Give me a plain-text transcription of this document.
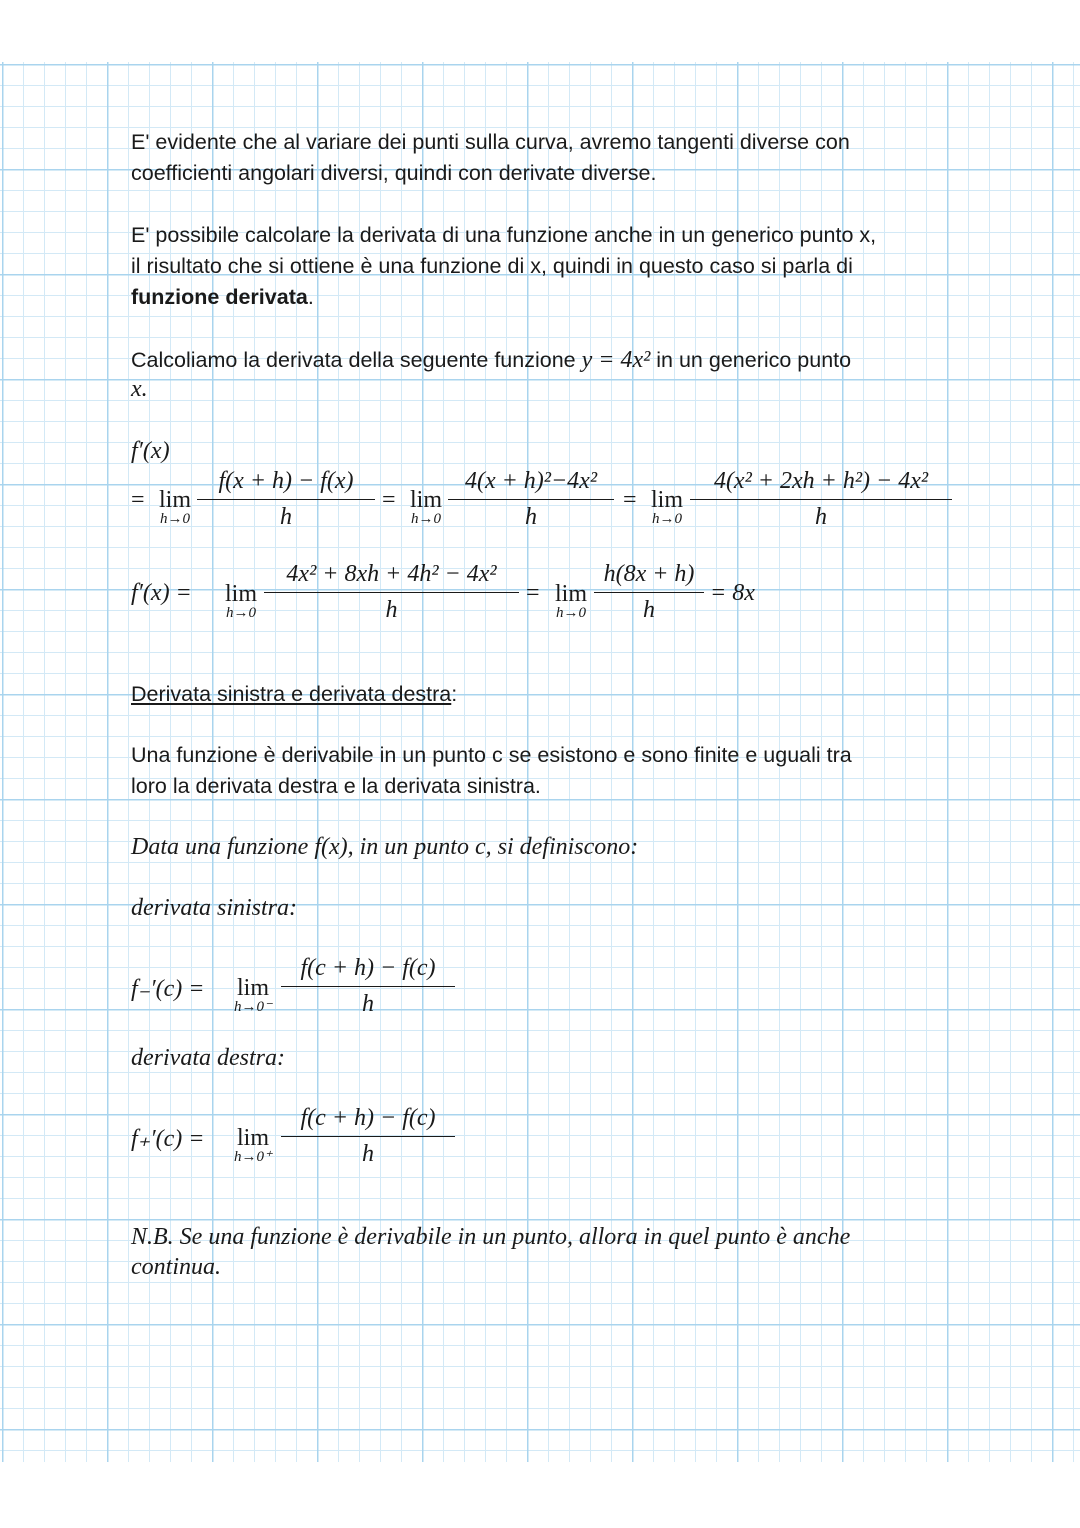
E' evidente che al variare dei punti sulla curva, avremo tangenti diverse con

coefficienti angolari diversi, quindi con derivate diverse.

E' possibile calcolare la derivata di una funzione anche in un generico punto x,

il risultato che si ottiene è una funzione di x, quindi in questo caso si parla di

funzione derivata.

Calcoliamo la derivata della seguente funzione y = 4x² in un generico punto

x.

f′(x)
= lim
$h\to 0 \frac{f(x + h) - f(x)}{h} = \lim$
$h\to 0 \frac{\text{4(x + h)²−4x²}}{h} = \lim$
$h\to 0 \frac{\text{4(x² + 2xh + h²) − 4x²}}{h}$
f′(x) = lim
$h\to 0 \frac{\text{4x² + 8xh + 4h² − 4x²}}{h} = \lim$
$h\to 0 \frac{h(8x + h)}{h} = 8x$

Derivata sinistra e derivata destra:

Una funzione è derivabile in un punto c se esistono e sono finite e uguali tra

loro la derivata destra e la derivata sinistra.

Data una funzione f(x), in un punto c, si definiscono:

derivata sinistra:

f₋′(c) =	lim
$h\to 0^- \frac{f(c + h) - f(c)}{h}$

derivata destra:

f₊′(c) =	lim
$h\to 0^+ \frac{f(c + h) - f(c)}{h}$

N.B. Se una funzione è derivabile in un punto, allora in quel punto è anche

continua.
